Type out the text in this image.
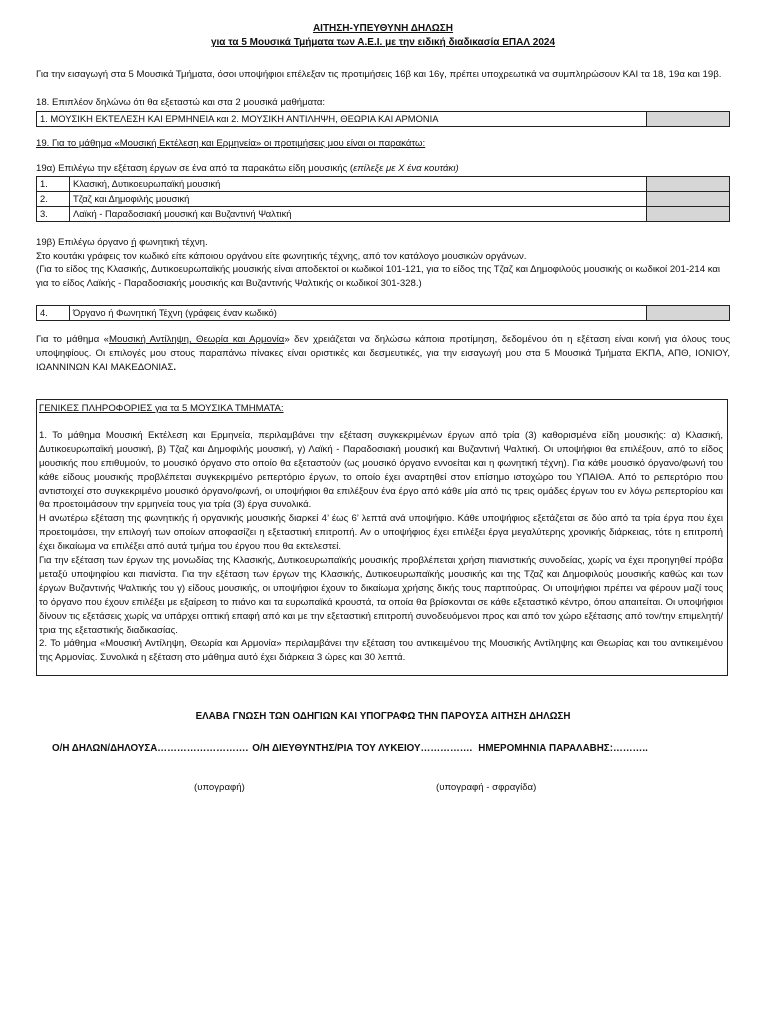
ΑΙΤΗΣΗ-ΥΠΕΥΘΥΝΗ ΔΗΛΩΣΗ
για τα 5 Μουσικά Τμήματα των Α.Ε.Ι. με την ειδική διαδικασία ΕΠΑΛ 2024

Για την εισαγωγή στα 5 Μουσικά Τμήματα, όσοι υποψήφιοι επέλεξαν τις προτιμήσεις 16β και 16γ, πρέπει υποχρεωτικά να συμπληρώσουν ΚΑΙ τα 18, 19α και 19β.

18. Επιπλέον δηλώνω ότι θα εξεταστώ και στα 2 μουσικά μαθήματα:

1. ΜΟΥΣΙΚΗ ΕΚΤΕΛΕΣΗ ΚΑΙ ΕΡΜΗΝΕΙΑ και 2. ΜΟΥΣΙΚΗ ΑΝΤΙΛΗΨΗ, ΘΕΩΡΙΑ ΚΑΙ ΑΡΜΟΝΙΑ	

19. Για το μάθημα «Μουσική Εκτέλεση και Ερμηνεία» οι προτιμήσεις μου είναι οι παρακάτω:

19α) Επιλέγω την εξέταση έργων σε ένα από τα παρακάτω είδη μουσικής (επίλεξε με Χ ένα κουτάκι)

1.	Κλασική, Δυτικοευρωπαϊκή μουσική	
2.	Τζαζ και Δημοφιλής μουσική	
3.	Λαϊκή - Παραδοσιακή μουσική και Βυζαντινή Ψαλτική	

19β) Επιλέγω όργανο ή φωνητική τέχνη.

Στο κουτάκι γράφεις τον κωδικό είτε κάποιου οργάνου είτε φωνητικής τέχνης, από τον κατάλογο μουσικών οργάνων.

(Για το είδος της Κλασικής, Δυτικοευρωπαϊκής μουσικής είναι αποδεκτοί οι κωδικοί 101-121, για το είδος της Τζαζ και Δημοφιλούς μουσικής οι κωδικοί 201-214 και για το είδος Λαϊκής - Παραδοσιακής μουσικής και Βυζαντινής Ψαλτικής οι κωδικοί 301-328.)

4.	Όργανο ή Φωνητική Τέχνη (γράφεις έναν κωδικό)	

Για το μάθημα «Μουσική Αντίληψη, Θεωρία και Αρμονία» δεν χρειάζεται να δηλώσω κάποια προτίμηση, δεδομένου ότι η εξέταση είναι κοινή για όλους τους υποψηφίους. Οι επιλογές μου στους παραπάνω πίνακες είναι οριστικές και δεσμευτικές, για την εισαγωγή μου στα 5 Μουσικά Τμήματα ΕΚΠΑ, ΑΠΘ, ΙΟΝΙΟΥ, ΙΩΑΝΝΙΝΩΝ ΚΑΙ ΜΑΚΕΔΟΝΙΑΣ.

ΓΕΝΙΚΕΣ ΠΛΗΡΟΦΟΡΙΕΣ για τα 5 ΜΟΥΣΙΚΑ ΤΜΗΜΑΤΑ:

1. Το μάθημα Μουσική Εκτέλεση και Ερμηνεία, περιλαμβάνει την εξέταση συγκεκριμένων έργων από τρία (3) καθορισμένα είδη μουσικής: α) Κλασική, Δυτικοευρωπαϊκή μουσική, β) Τζαζ και Δημοφιλής μουσική, γ) Λαϊκή - Παραδοσιακή μουσική και Βυζαντινή Ψαλτική. Οι υποψήφιοι θα επιλέξουν, από το είδος μουσικής που επιθυμούν, το μουσικό όργανο στο οποίο θα εξεταστούν (ως μουσικό όργανο εννοείται και η φωνητική τέχνη). Για κάθε μουσικό όργανο/φωνή του κάθε είδους μουσικής προβλέπεται συγκεκριμένο ρεπερτόριο έργων, το οποίο έχει αναρτηθεί στον επίσημο ιστοχώρο του ΥΠΑΙΘΑ. Από το ρεπερτόριο που αντιστοιχεί στο συγκεκριμένο μουσικό όργανο/φωνή, οι υποψήφιοι θα επιλέξουν ένα έργο από κάθε μία από τις τρεις ομάδες έργων του εν λόγω ρεπερτορίου και θα προετοιμάσουν την ερμηνεία τους για τρία (3) έργα συνολικά.

Η ανωτέρω εξέταση της φωνητικής ή οργανικής μουσικής διαρκεί 4’ έως 6’ λεπτά ανά υποψήφιο. Κάθε υποψήφιος εξετάζεται σε δύο από τα τρία έργα που έχει προετοιμάσει, την επιλογή των οποίων αποφασίζει η εξεταστική επιτροπή. Αν ο υποψήφιος έχει επιλέξει έργα μεγαλύτερης χρονικής διάρκειας, τότε η επιτροπή έχει δικαίωμα να επιλέξει από αυτά τμήμα του έργου που θα εκτελεστεί.

Για την εξέταση των έργων της μονωδίας της Κλασικής, Δυτικοευρωπαϊκής μουσικής προβλέπεται χρήση πιανιστικής συνοδείας, χωρίς να έχει προηγηθεί πρόβα μεταξύ υποψηφίου και πιανίστα. Για την εξέταση των έργων της Κλασικής, Δυτικοευρωπαϊκής μουσικής και της Τζαζ και Δημοφιλούς μουσικής καθώς και των έργων Βυζαντινής Ψαλτικής του γ) είδους μουσικής, οι υποψήφιοι έχουν το δικαίωμα χρήσης δικής τους παρτιτούρας. Οι υποψήφιοι πρέπει να φέρουν μαζί τους το όργανο που έχουν επιλέξει με εξαίρεση το πιάνο και τα ευρωπαϊκά κρουστά, τα οποία θα βρίσκονται σε κάθε εξεταστικό κέντρο, όπου απαιτείται. Οι υποψήφιοι δίνουν τις εξετάσεις χωρίς να υπάρχει οπτική επαφή από και με την εξεταστική επιτροπή συνοδευόμενοι προς και από τον χώρο εξέτασης από τον/την επιμελητή/τρια της εξεταστικής διαδικασίας.

2. Το μάθημα «Μουσική Αντίληψη, Θεωρία και Αρμονία» περιλαμβάνει την εξέταση του αντικειμένου της Μουσικής Αντίληψης και Θεωρίας και του αντικειμένου της Αρμονίας. Συνολικά η εξέταση στο μάθημα αυτό έχει διάρκεια 3 ώρες και 30 λεπτά.

ΕΛΑΒΑ ΓΝΩΣΗ ΤΩΝ ΟΔΗΓΙΩΝ ΚΑΙ ΥΠΟΓΡΑΦΩ ΤΗΝ ΠΑΡΟΥΣΑ ΑΙΤΗΣΗ ΔΗΛΩΣΗ
Ο/Η ΔΗΛΩΝ/ΔΗΛΟΥΣΑ………………………. Ο/Η ΔΙΕΥΘΥΝΤΗΣ/ΡΙΑ ΤΟΥ ΛΥΚΕΙΟΥ……………. ΗΜΕΡΟΜΗΝΙΑ ΠΑΡΑΛΑΒΗΣ:………..
(υπογραφή)	(υπογραφή - σφραγίδα)
